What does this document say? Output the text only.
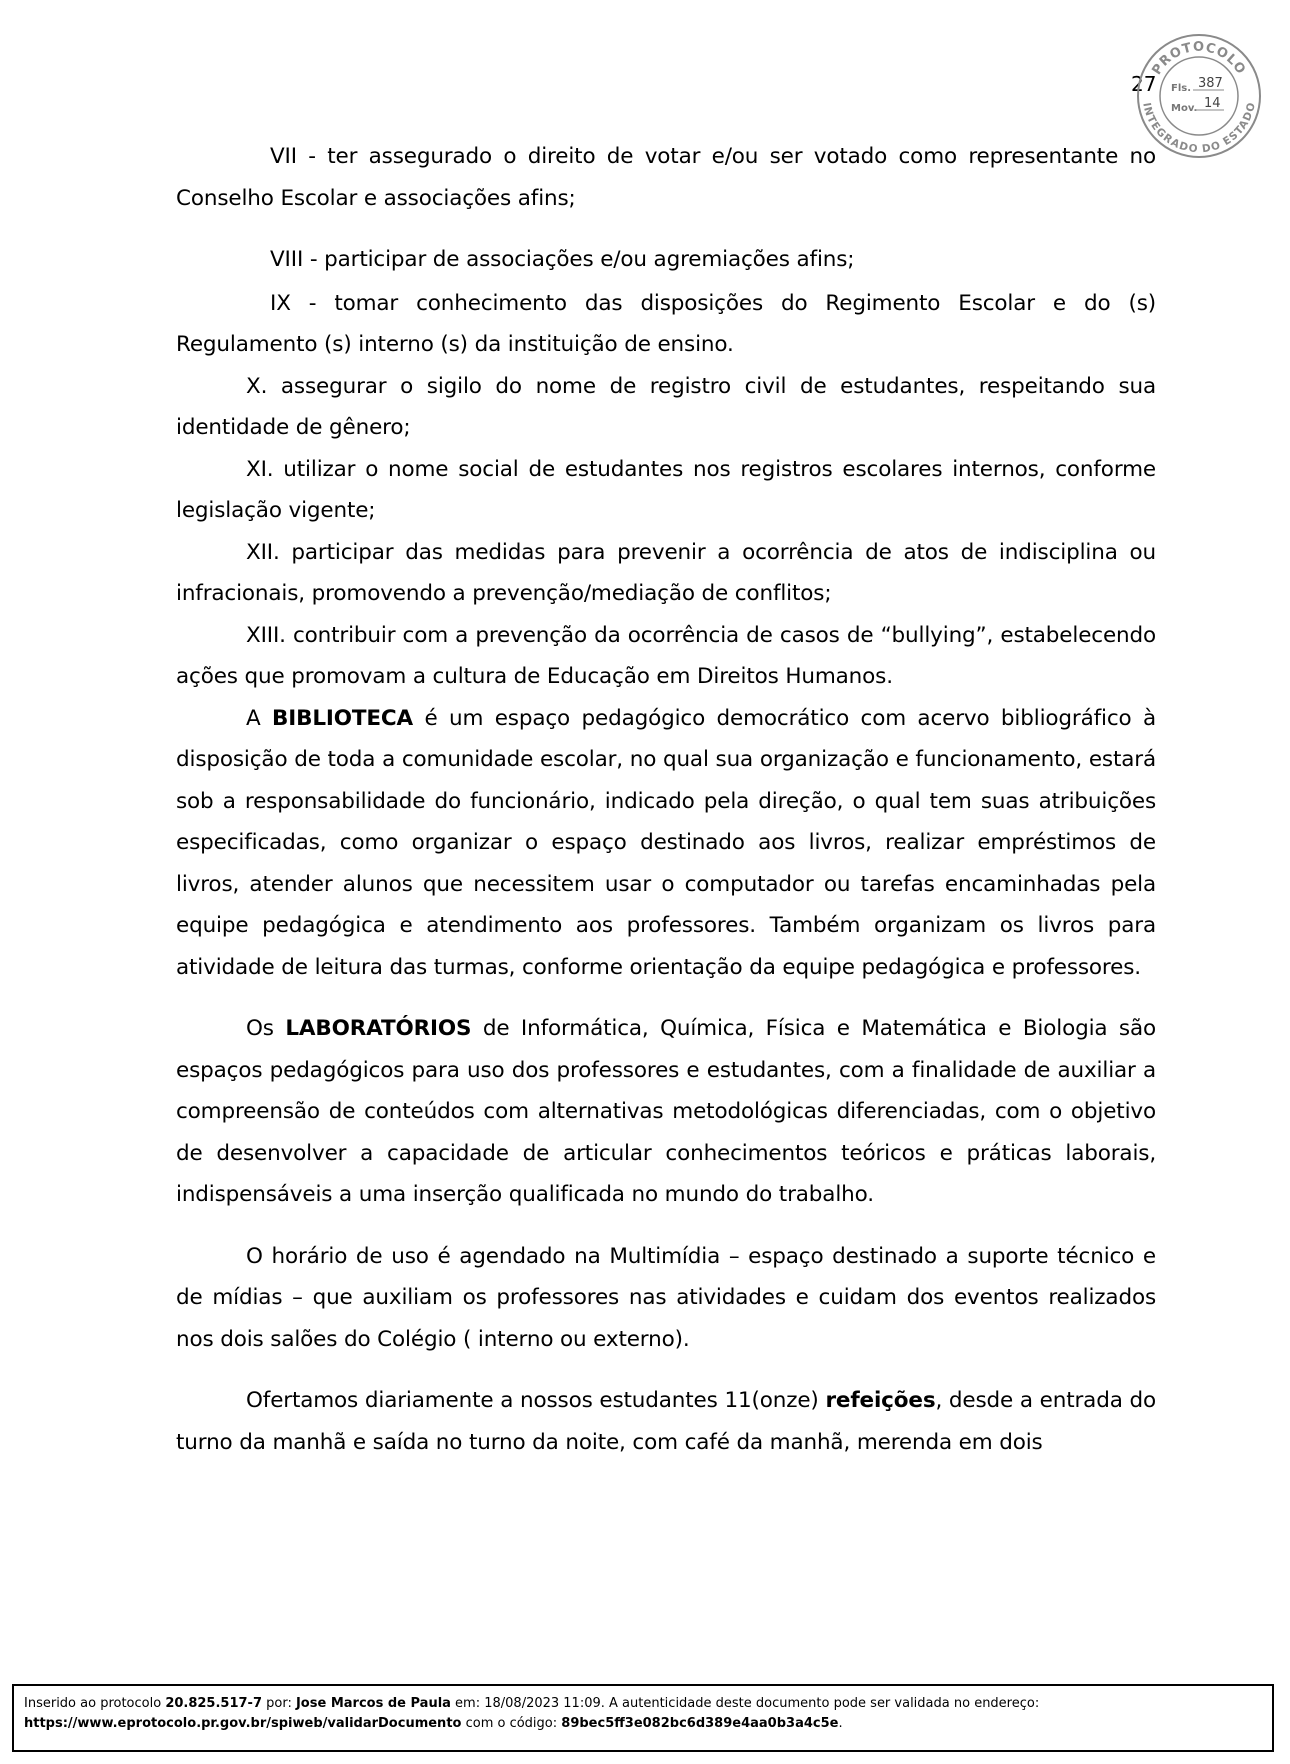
27
PROTOCOLO
INTEGRADO DO ESTADO
Fls. 387
Mov. 14

VII - ter assegurado o direito de votar e/ou ser votado como representante no Conselho Escolar e associações afins;

VIII - participar de associações e/ou agremiações afins;

IX - tomar conhecimento das disposições do Regimento Escolar e do (s) Regulamento (s) interno (s) da instituição de ensino.

X. assegurar o sigilo do nome de registro civil de estudantes, respeitando sua identidade de gênero;

XI. utilizar o nome social de estudantes nos registros escolares internos, conforme legislação vigente;

XII. participar das medidas para prevenir a ocorrência de atos de indisciplina ou infracionais, promovendo a prevenção/mediação de conflitos;

XIII. contribuir com a prevenção da ocorrência de casos de “bullying”, estabelecendo ações que promovam a cultura de Educação em Direitos Humanos.

A BIBLIOTECA é um espaço pedagógico democrático com acervo bibliográfico à disposição de toda a comunidade escolar, no qual sua organização e funcionamento, estará sob a responsabilidade do funcionário, indicado pela direção, o qual tem suas atribuições especificadas, como organizar o espaço destinado aos livros, realizar empréstimos de livros, atender alunos que necessitem usar o computador ou tarefas encaminhadas pela equipe pedagógica e atendimento aos professores. Também organizam os livros para atividade de leitura das turmas, conforme orientação da equipe pedagógica e professores.

Os LABORATÓRIOS de Informática, Química, Física e Matemática e Biologia são espaços pedagógicos para uso dos professores e estudantes, com a finalidade de auxiliar a compreensão de conteúdos com alternativas metodológicas diferenciadas, com o objetivo de desenvolver a capacidade de articular conhecimentos teóricos e práticas laborais, indispensáveis a uma inserção qualificada no mundo do trabalho.

O horário de uso é agendado na Multimídia – espaço destinado a suporte técnico e de mídias – que auxiliam os professores nas atividades e cuidam dos eventos realizados nos dois salões do Colégio ( interno ou externo).

Ofertamos diariamente a nossos estudantes 11(onze) refeições, desde a entrada do turno da manhã e saída no turno da noite, com café da manhã, merenda em dois

Inserido ao protocolo 20.825.517-7 por: Jose Marcos de Paula em: 18/08/2023 11:09. A autenticidade deste documento pode ser validada no endereço:
https://www.eprotocolo.pr.gov.br/spiweb/validarDocumento com o código: 89bec5ff3e082bc6d389e4aa0b3a4c5e.
